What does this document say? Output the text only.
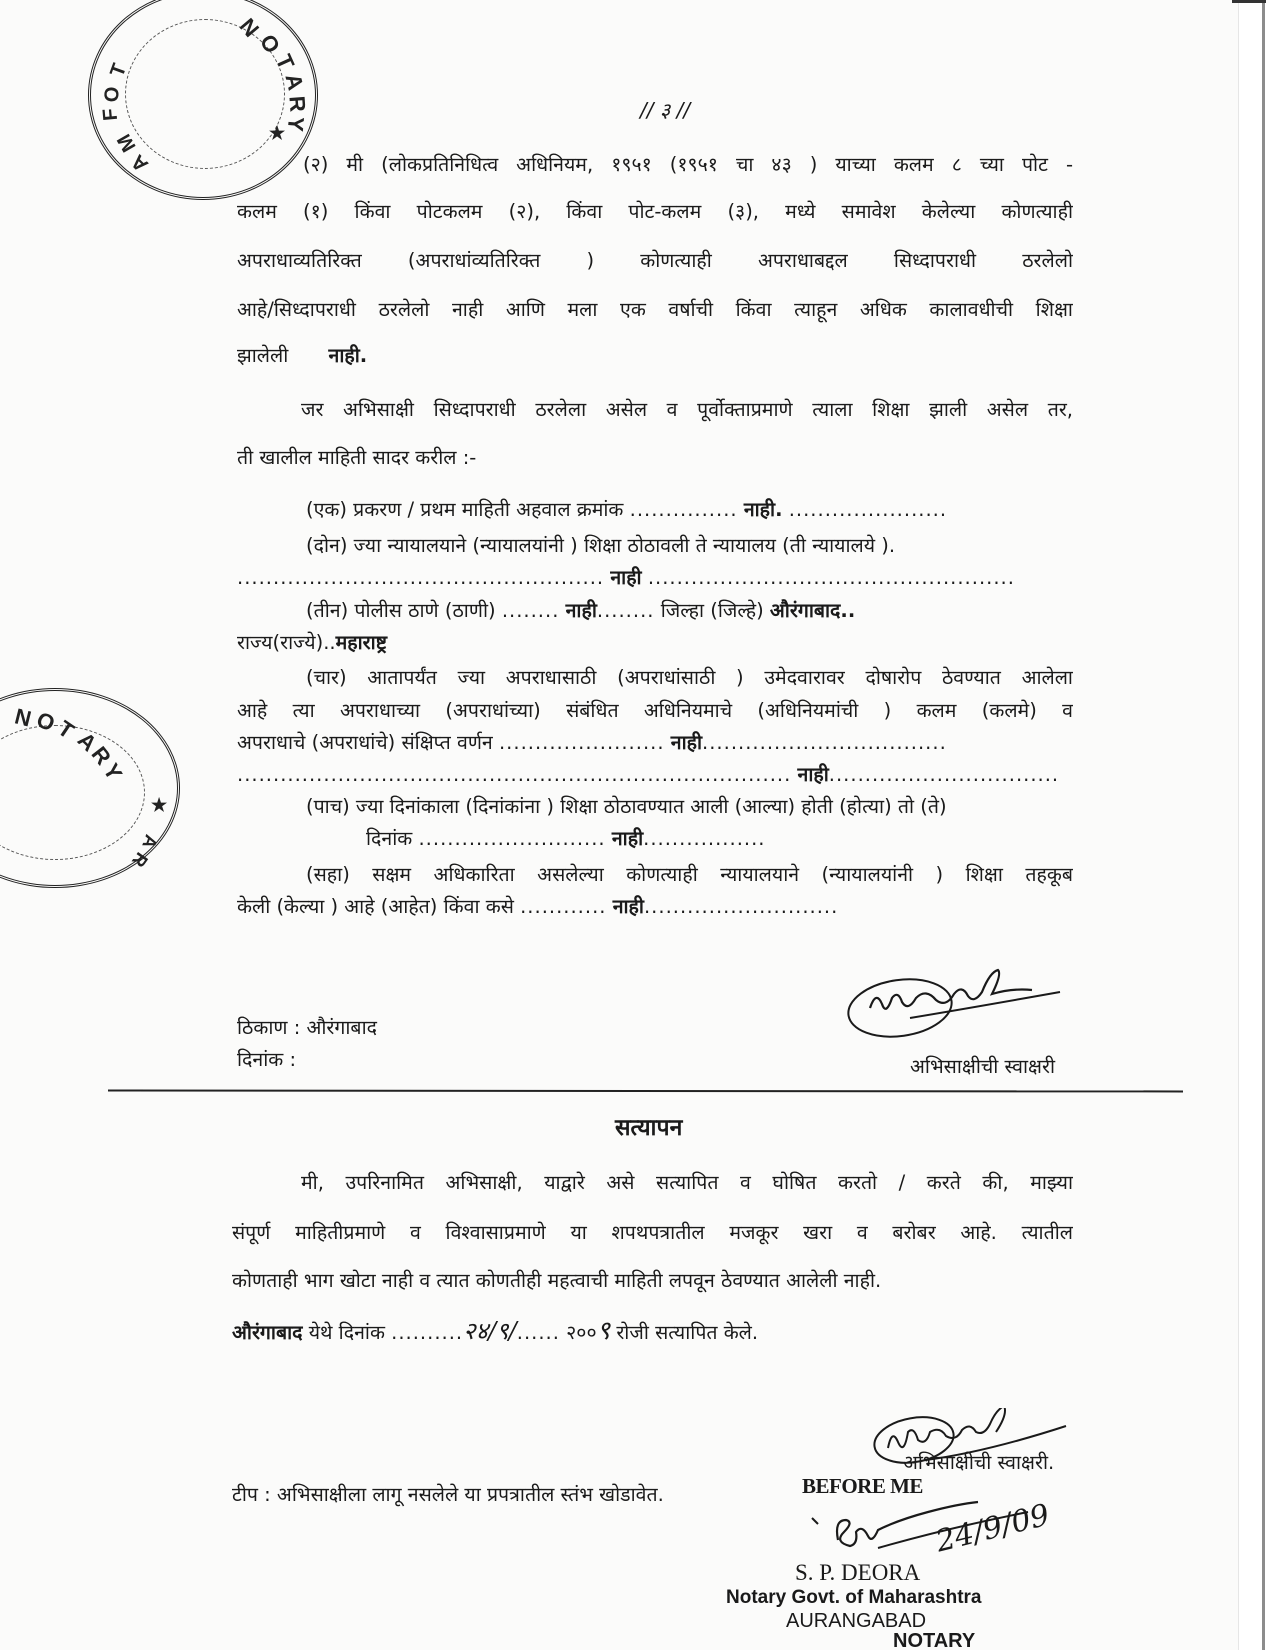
N
O
T
A
R
Y
T
O
F
M
A
★
N O
T
A
R
Y
★
A
R
// ३ //
(२) मी (लोकप्रतिनिधित्व अधिनियम, १९५१ (१९५१ चा ४३ ) याच्या कलम ८ च्या पोट -
कलम (१) किंवा पोटकलम (२), किंवा पोट-कलम (३), मध्ये समावेश केलेल्या कोणत्याही
अपराधाव्यतिरिक्त (अपराधांव्यतिरिक्त ) कोणत्याही अपराधाबद्दल सिध्दापराधी ठरलेलो
आहे/सिध्दापराधी ठरलेलो नाही आणि मला एक वर्षाची किंवा त्याहून अधिक कालावधीची शिक्षा
झालेली नाही.
जर अभिसाक्षी सिध्दापराधी ठरलेला असेल व पूर्वोक्ताप्रमाणे त्याला शिक्षा झाली असेल तर,
ती खालील माहिती सादर करील :-
(एक) प्रकरण / प्रथम माहिती अहवाल क्रमांक ............... नाही. ......................
(दोन) ज्या न्यायालयाने (न्यायालयांनी ) शिक्षा ठोठावली ते न्यायालय (ती न्यायालये ).
................................................... नाही ...................................................
(तीन) पोलीस ठाणे (ठाणी) ........ नाही........ जिल्हा (जिल्हे) औरंगाबाद..
राज्य(राज्ये)..महाराष्ट्र
(चार) आतापर्यंत ज्या अपराधासाठी (अपराधांसाठी ) उमेदवारावर दोषारोप ठेवण्यात आलेला
आहे त्या अपराधाच्या (अपराधांच्या) संबंधित अधिनियमाचे (अधिनियमांची ) कलम (कलमे) व
अपराधाचे (अपराधांचे) संक्षिप्त वर्णन ....................... नाही..................................
............................................................................. नाही................................
(पाच) ज्या दिनांकाला (दिनांकांना ) शिक्षा ठोठावण्यात आली (आल्या) होती (होत्या) तो (ते)
दिनांक .......................... नाही.................
(सहा) सक्षम अधिकारिता असलेल्या कोणत्याही न्यायालयाने (न्यायालयांनी ) शिक्षा तहकूब
केली (केल्या ) आहे (आहेत) किंवा कसे ............ नाही...........................
ठिकाण : औरंगाबाद
दिनांक :	अभिसाक्षीची स्वाक्षरी
सत्यापन
मी, उपरिनामित अभिसाक्षी, याद्वारे असे सत्यापित व घोषित करतो / करते की, माझ्या
संपूर्ण माहितीप्रमाणे व विश्वासाप्रमाणे या शपथपत्रातील मजकूर खरा व बरोबर आहे. त्यातील
कोणताही भाग खोटा नाही व त्यात कोणतीही महत्वाची माहिती लपवून ठेवण्यात आलेली नाही.
औरंगाबाद येथे दिनांक ..........२४/९/...... २००९ रोजी सत्यापित केले.
अभिसाक्षीची स्वाक्षरी.
टीप : अभिसाक्षीला लागू नसलेले या प्रपत्रातील स्तंभ खोडावेत.	BEFORE ME
24/9/09
S. P. DEORA
Notary Govt. of Maharashtra
AURANGABAD
NOTARY
